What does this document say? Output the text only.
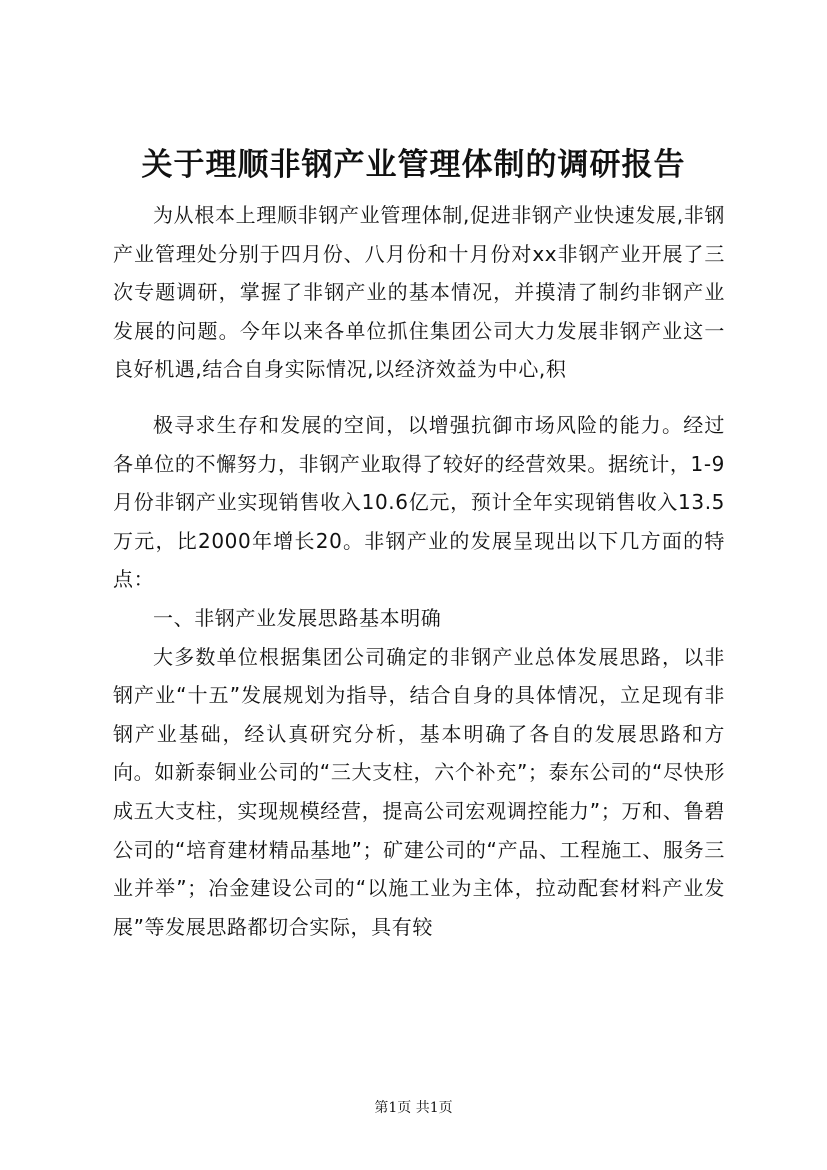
关于理顺非钢产业管理体制的调研报告

为从根本上理顺非钢产业管理体制,促进非钢产业快速发展,非钢产业管理处分别于四月份、八月份和十月份对xx非钢产业开展了三次专题调研，掌握了非钢产业的基本情况，并摸清了制约非钢产业发展的问题。今年以来各单位抓住集团公司大力发展非钢产业这一良好机遇,结合自身实际情况,以经济效益为中心,积

极寻求生存和发展的空间，以增强抗御市场风险的能力。经过各单位的不懈努力，非钢产业取得了较好的经营效果。据统计，1-9月份非钢产业实现销售收入10.6亿元，预计全年实现销售收入13.5万元，比2000年增长20。非钢产业的发展呈现出以下几方面的特点：

一、非钢产业发展思路基本明确

大多数单位根据集团公司确定的非钢产业总体发展思路，以非钢产业“十五”发展规划为指导，结合自身的具体情况，立足现有非钢产业基础，经认真研究分析，基本明确了各自的发展思路和方向。如新泰铜业公司的“三大支柱，六个补充”；泰东公司的“尽快形成五大支柱，实现规模经营，提高公司宏观调控能力”；万和、鲁碧公司的“培育建材精品基地”；矿建公司的“产品、工程施工、服务三业并举”；冶金建设公司的“以施工业为主体，拉动配套材料产业发展”等发展思路都切合实际，具有较

第1页 共1页
